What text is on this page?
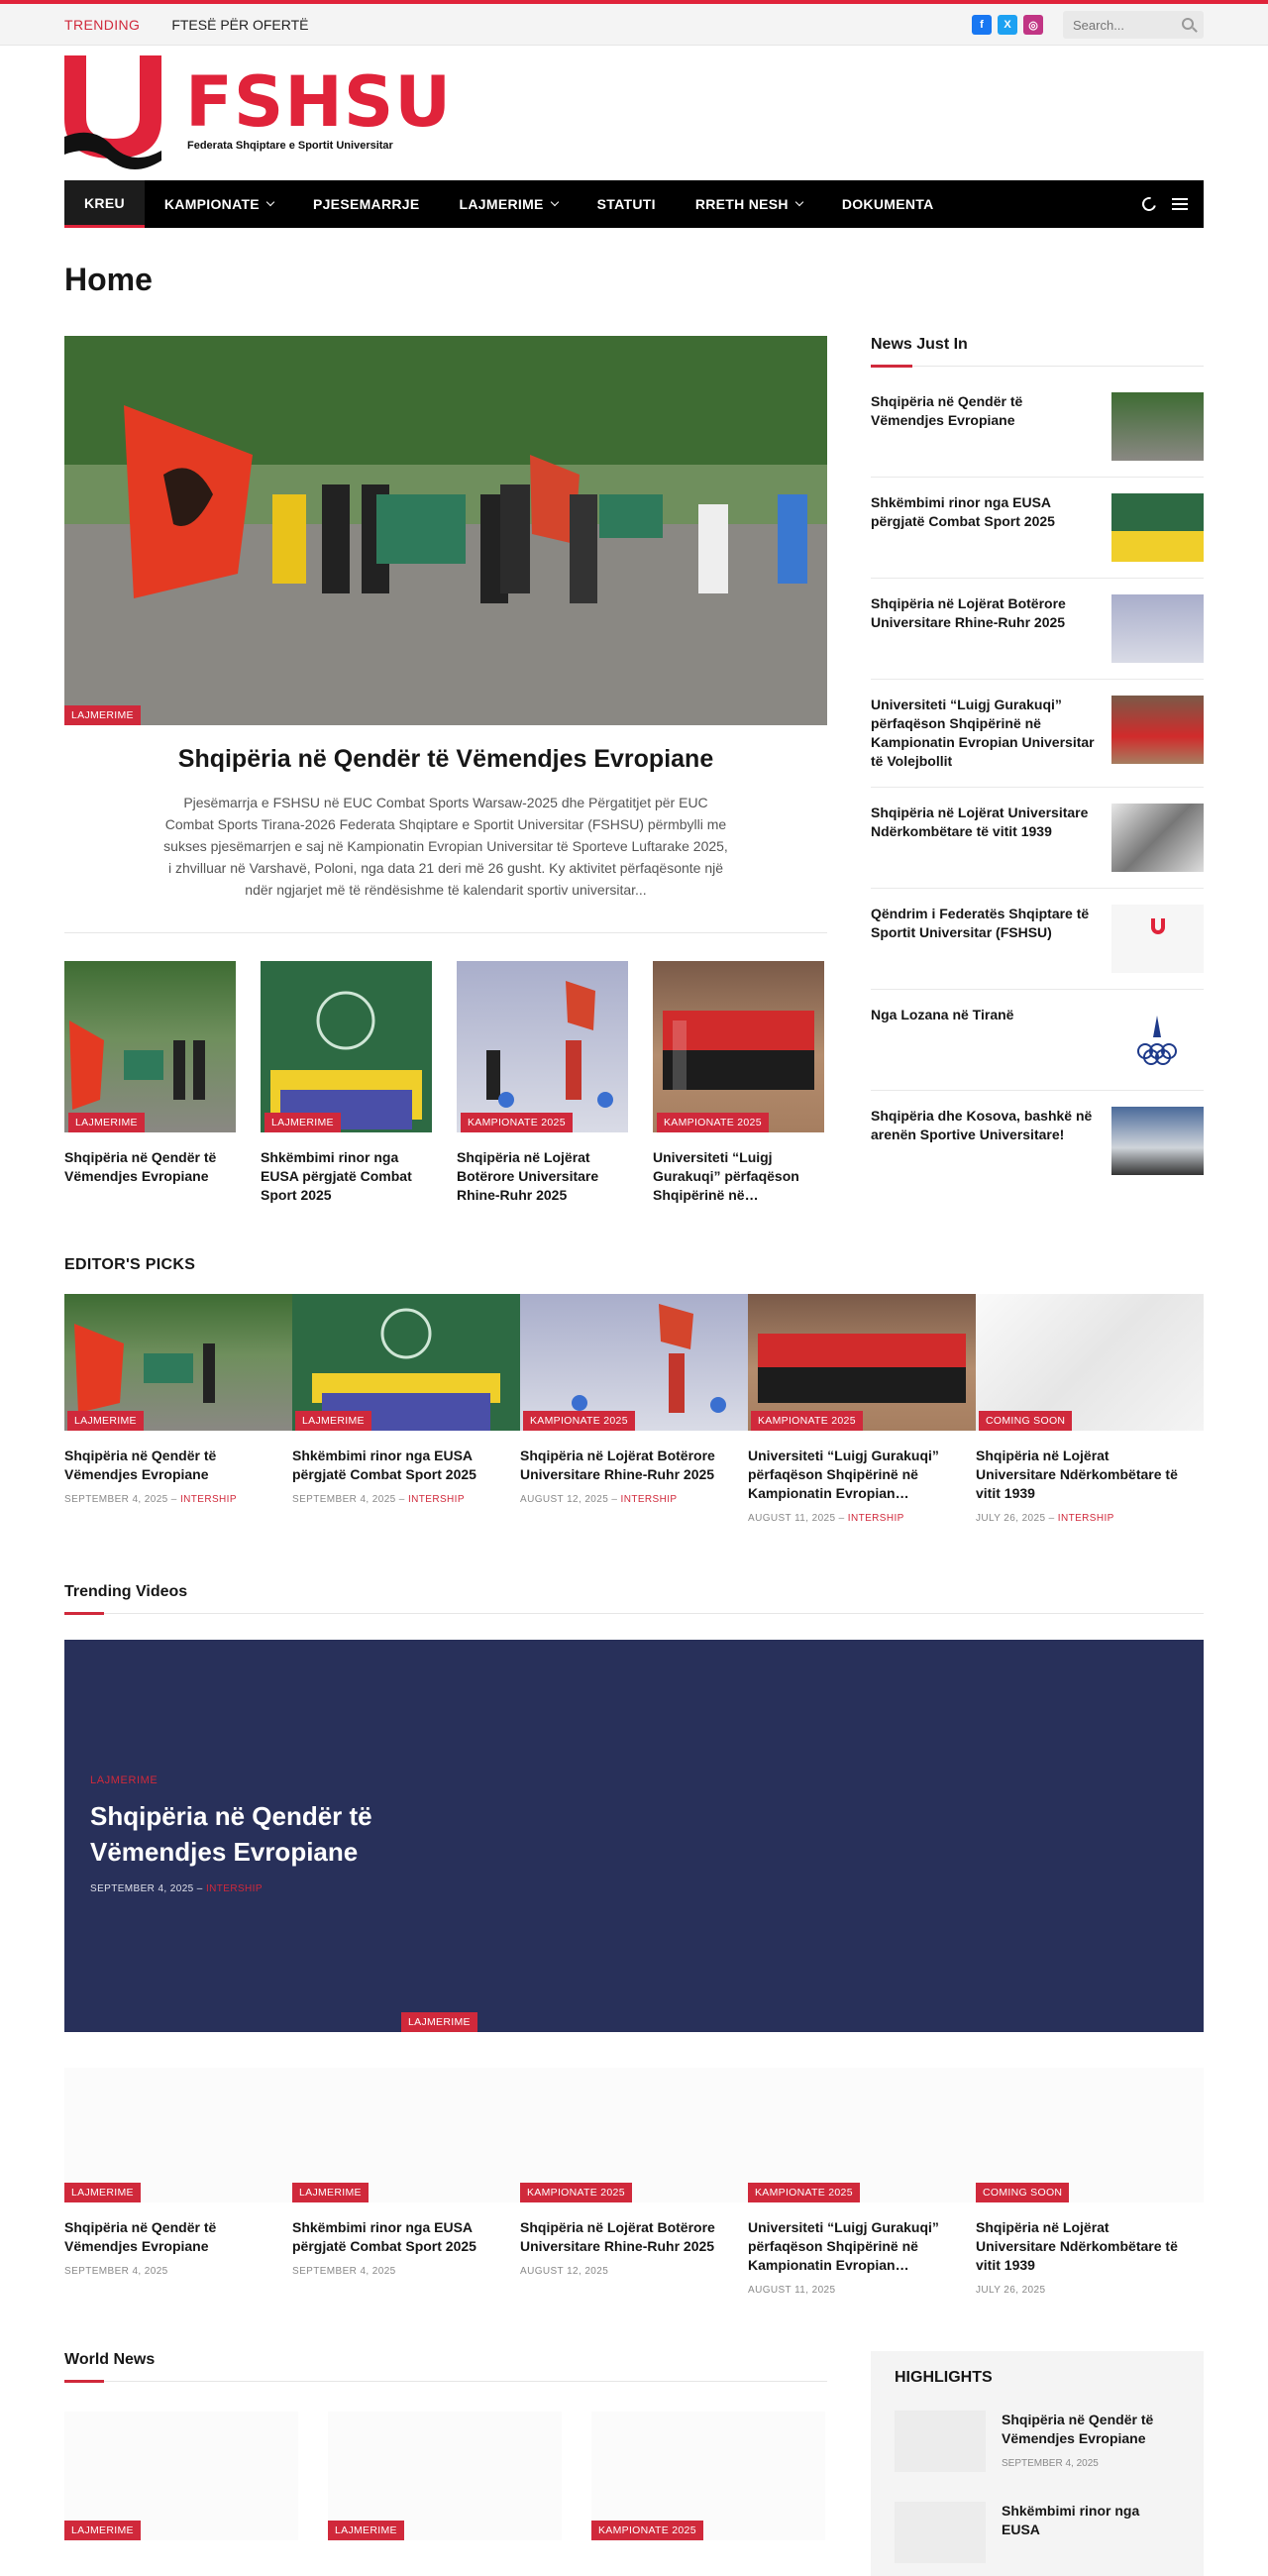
TRENDING FTESË PËR OFERTË	f	X	◎
Search...
FSHSU
Federata Shqiptare e Sportit Universitar
KREU	KAMPIONATE	PJESEMARRJE	LAJMERIME	STATUTI	RRETH NESH	DOKUMENTA
Home
LAJMERIME
Shqipëria në Qendër të Vëmendjes Evropiane

Pjesëmarrja e FSHSU në EUC Combat Sports Warsaw-2025 dhe Përgatitjet për EUC Combat Sports Tirana-2026 Federata Shqiptare e Sportit Universitar (FSHSU) përmbylli me sukses pjesëmarrjen e saj në Kampionatin Evropian Universitar të Sporteve Luftarake 2025, i zhvilluar në Varshavë, Poloni, nga data 21 deri më 26 gusht. Ky aktivitet përfaqësonte një ndër ngjarjet më të rëndësishme të kalendarit sportiv universitar...

LAJMERIME
Shqipëria në Qendër të Vëmendjes Evropiane
LAJMERIME
Shkëmbimi rinor nga EUSA përgjatë Combat Sport 2025
KAMPIONATE 2025
Shqipëria në Lojërat Botërore Universitare Rhine-Ruhr 2025
KAMPIONATE 2025
Universiteti “Luigj Gurakuqi” përfaqëson Shqipërinë në…
News Just In
Shqipëria në Qendër të Vëmendjes Evropiane
Shkëmbimi rinor nga EUSA përgjatë Combat Sport 2025
Shqipëria në Lojërat Botërore Universitare Rhine-Ruhr 2025
Universiteti “Luigj Gurakuqi” përfaqëson Shqipërinë në Kampionatin Evropian Universitar të Volejbollit
Shqipëria në Lojërat Universitare Ndërkombëtare të vitit 1939
Qëndrim i Federatës Shqiptare të Sportit Universitar (FSHSU)
Nga Lozana në Tiranë
Shqipëria dhe Kosova, bashkë në arenën Sportive Universitare!
EDITOR'S PICKS
LAJMERIME
Shqipëria në Qendër të Vëmendjes Evropiane
SEPTEMBER 4, 2025 – INTERSHIP
LAJMERIME
Shkëmbimi rinor nga EUSA përgjatë Combat Sport 2025
SEPTEMBER 4, 2025 – INTERSHIP
KAMPIONATE 2025
Shqipëria në Lojërat Botërore Universitare Rhine-Ruhr 2025
AUGUST 12, 2025 – INTERSHIP
KAMPIONATE 2025
Universiteti “Luigj Gurakuqi” përfaqëson Shqipërinë në Kampionatin Evropian…
AUGUST 11, 2025 – INTERSHIP
COMING SOON
Shqipëria në Lojërat Universitare Ndërkombëtare të vitit 1939
JULY 26, 2025 – INTERSHIP
Trending Videos
LAJMERIME
Shqipëria në Qendër të Vëmendjes Evropiane
SEPTEMBER 4, 2025 – INTERSHIP
LAJMERIME
LAJMERIME
Shqipëria në Qendër të Vëmendjes Evropiane
SEPTEMBER 4, 2025
LAJMERIME
Shkëmbimi rinor nga EUSA përgjatë Combat Sport 2025
SEPTEMBER 4, 2025
KAMPIONATE 2025
Shqipëria në Lojërat Botërore Universitare Rhine-Ruhr 2025
AUGUST 12, 2025
KAMPIONATE 2025
Universiteti “Luigj Gurakuqi” përfaqëson Shqipërinë në Kampionatin Evropian…
AUGUST 11, 2025
COMING SOON
Shqipëria në Lojërat Universitare Ndërkombëtare të vitit 1939
JULY 26, 2025
World News
LAJMERIME	LAJMERIME	KAMPIONATE 2025
HIGHLIGHTS
Shqipëria në Qendër të Vëmendjes Evropiane
SEPTEMBER 4, 2025
Shkëmbimi rinor nga EUSA
